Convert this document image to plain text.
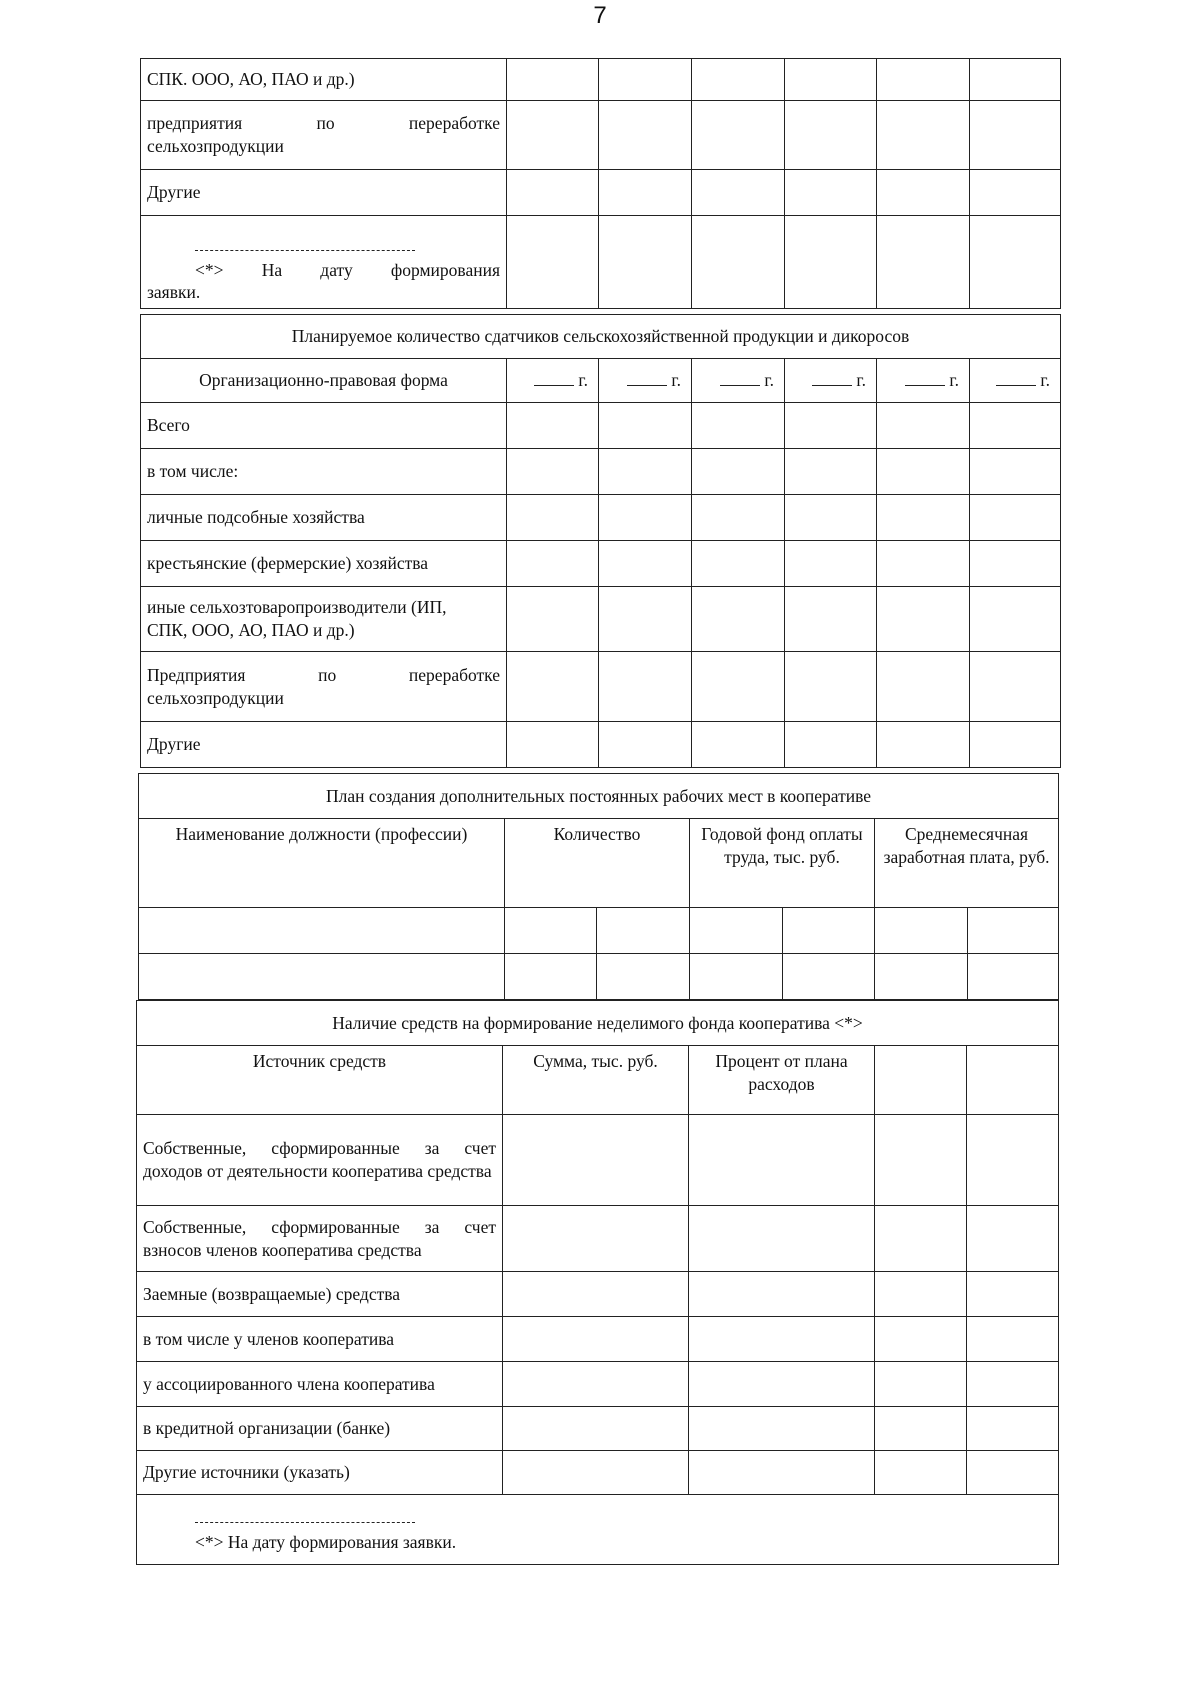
7
СПК. ООО, АО, ПАО и др.)						

предприятия по переработке
сельхозпродукции						

Другие						

<*> На дату формирования
заявки.						

Планируемое количество сдатчиков сельскохозяйственной продукции и дикоросов						
Организационно-правовая форма	г.	г.	г.	г.	г.	г.
Всего						
в том числе:						
личные подсобные хозяйства						
крестьянские (фермерские) хозяйства						

иные сельхозтоваропроизводители (ИП,
СПК, ООО, АО, ПАО и др.)						

Предприятия по переработке
сельхозпродукции						

Другие						
План создания дополнительных постоянных рабочих мест в кооперативе						
Наименование должности (профессии)	Количество		Годовой фонд оплаты труда, тыс. руб.		Среднемесячная заработная плата, руб.	

Наличие средств на формирование неделимого фонда кооператива <*>				
Источник средств	Сумма, тыс. руб.	Процент от плана расходов		
Собственные, сформированные за счет доходов от деятельности кооператива средства				
Собственные, сформированные за счет взносов членов кооператива средства				
Заемные (возвращаемые) средства				
в том числе у членов кооператива				
у ассоциированного члена кооператива				
в кредитной организации (банке)				
Другие источники (указать)				

<*> На дату формирования заявки.				
